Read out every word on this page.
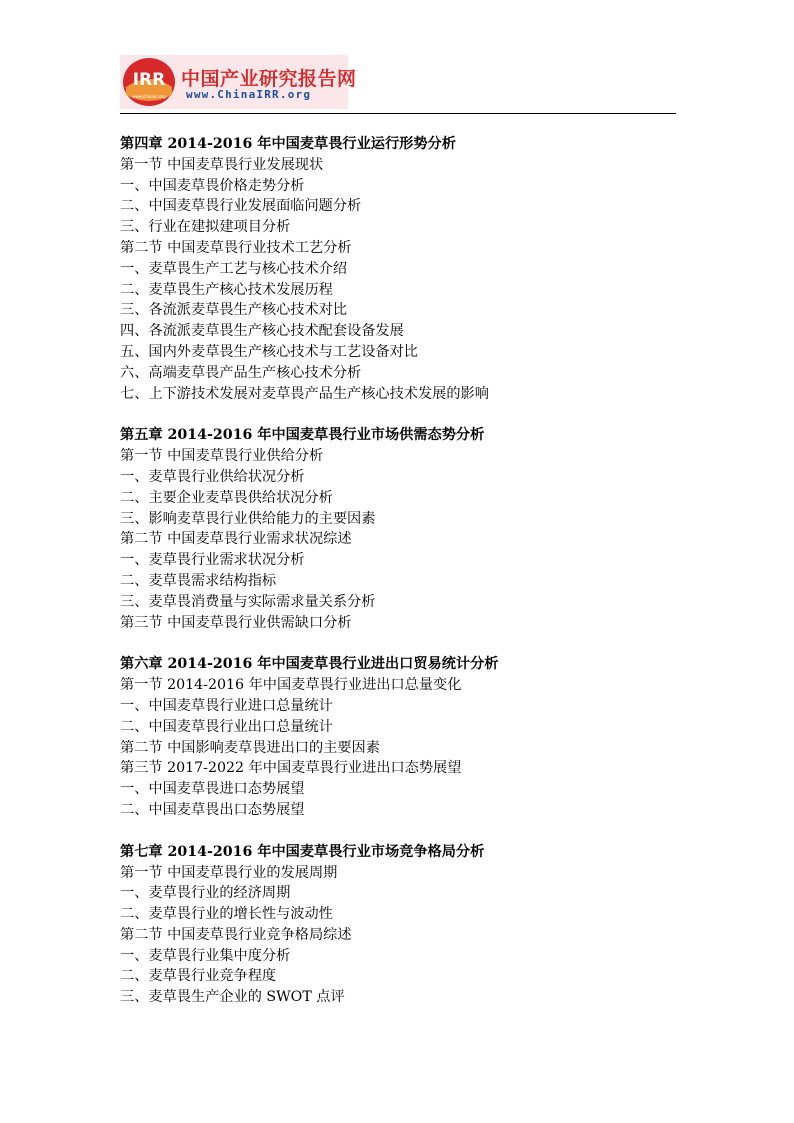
IRR
www.chinairr.org
中国产业研究报告网
www.ChinaIRR.org
第四章 2014-2016 年中国麦草畏行业运行形势分析
第一节 中国麦草畏行业发展现状
一、中国麦草畏价格走势分析
二、中国麦草畏行业发展面临问题分析
三、行业在建拟建项目分析
第二节 中国麦草畏行业技术工艺分析
一、麦草畏生产工艺与核心技术介绍
二、麦草畏生产核心技术发展历程
三、各流派麦草畏生产核心技术对比
四、各流派麦草畏生产核心技术配套设备发展
五、国内外麦草畏生产核心技术与工艺设备对比
六、高端麦草畏产品生产核心技术分析
七、上下游技术发展对麦草畏产品生产核心技术发展的影响
第五章 2014-2016 年中国麦草畏行业市场供需态势分析
第一节 中国麦草畏行业供给分析
一、麦草畏行业供给状况分析
二、主要企业麦草畏供给状况分析
三、影响麦草畏行业供给能力的主要因素
第二节 中国麦草畏行业需求状况综述
一、麦草畏行业需求状况分析
二、麦草畏需求结构指标
三、麦草畏消费量与实际需求量关系分析
第三节 中国麦草畏行业供需缺口分析
第六章 2014-2016 年中国麦草畏行业进出口贸易统计分析
第一节 2014-2016 年中国麦草畏行业进出口总量变化
一、中国麦草畏行业进口总量统计
二、中国麦草畏行业出口总量统计
第二节 中国影响麦草畏进出口的主要因素
第三节 2017-2022 年中国麦草畏行业进出口态势展望
一、中国麦草畏进口态势展望
二、中国麦草畏出口态势展望
第七章 2014-2016 年中国麦草畏行业市场竞争格局分析
第一节 中国麦草畏行业的发展周期
一、麦草畏行业的经济周期
二、麦草畏行业的增长性与波动性
第二节 中国麦草畏行业竞争格局综述
一、麦草畏行业集中度分析
二、麦草畏行业竞争程度
三、麦草畏生产企业的 SWOT 点评
